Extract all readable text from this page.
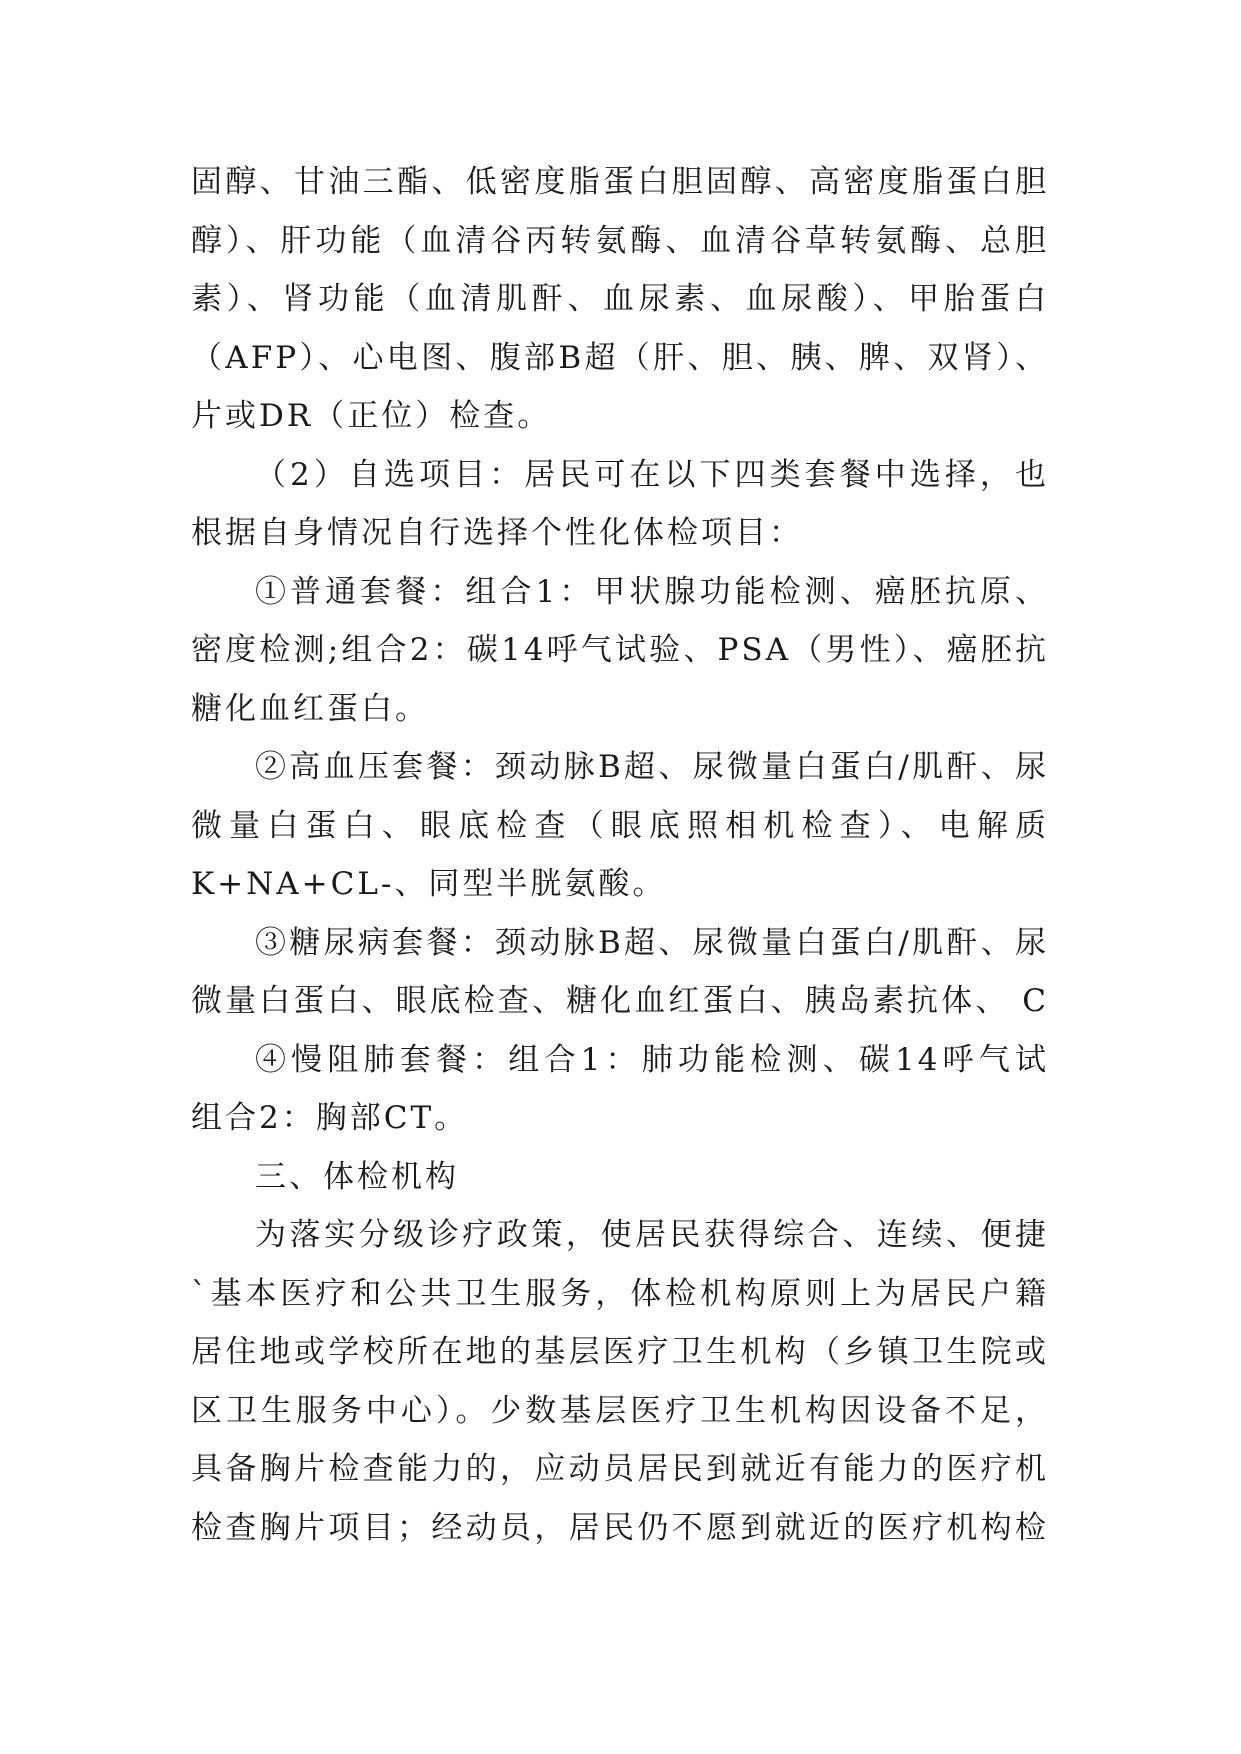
固醇、甘油三酯、低密度脂蛋白胆固醇、高密度脂蛋白胆
醇）、肝功能（血清谷丙转氨酶、血清谷草转氨酶、总胆
素）、肾功能（血清肌酐、血尿素、血尿酸）、甲胎蛋白
（AFP）、心电图、腹部B超（肝、胆、胰、脾、双肾）、
片或DR（正位）检查。
（2）自选项目：居民可在以下四类套餐中选择，也
根据自身情况自行选择个性化体检项目：
①普通套餐：组合1：甲状腺功能检测、癌胚抗原、
密度检测;组合2：碳14呼气试验、PSA（男性）、癌胚抗
糖化血红蛋白。
②高血压套餐：颈动脉B超、尿微量白蛋白/肌酐、尿
微量白蛋白、眼底检查（眼底照相机检查）、电解质
K+NA+CL-、同型半胱氨酸。
③糖尿病套餐：颈动脉B超、尿微量白蛋白/肌酐、尿
微量白蛋白、眼底检查、糖化血红蛋白、胰岛素抗体、 C
④慢阻肺套餐：组合1：肺功能检测、碳14呼气试
组合2：胸部CT。
三、体检机构
为落实分级诊疗政策，使居民获得综合、连续、便捷
`基本医疗和公共卫生服务，体检机构原则上为居民户籍
居住地或学校所在地的基层医疗卫生机构（乡镇卫生院或
区卫生服务中心）。少数基层医疗卫生机构因设备不足，
具备胸片检查能力的，应动员居民到就近有能力的医疗机
检查胸片项目；经动员，居民仍不愿到就近的医疗机构检
